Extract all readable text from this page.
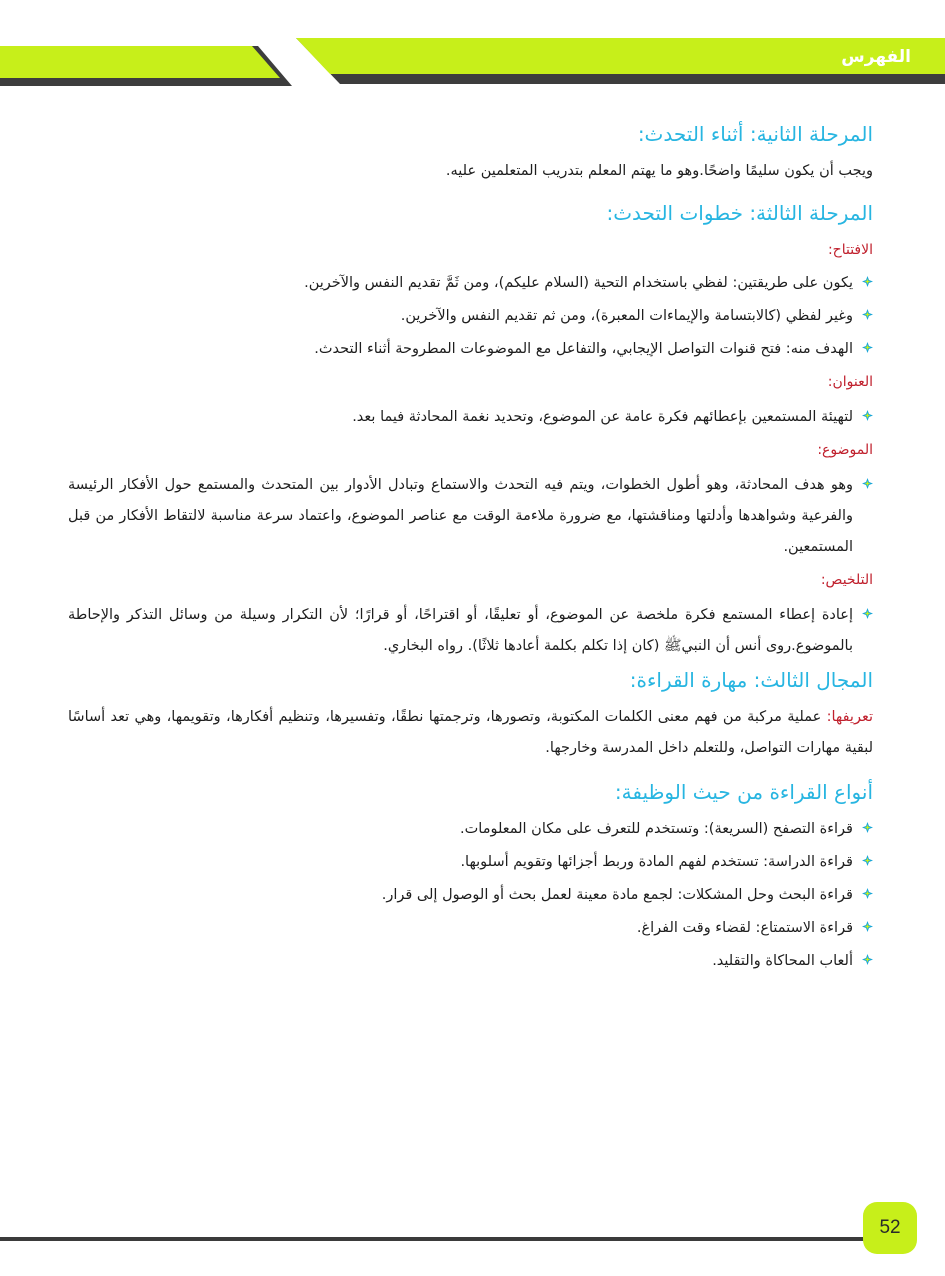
الفهرس
المرحلة الثانية: أثناء التحدث:

ويجب أن يكون سليمًا واضحًا.وهو ما يهتم المعلم بتدريب المتعلمين عليه.

المرحلة الثالثة: خطوات التحدث:

الافتتاح:

يكون على طريقتين: لفظي باستخدام التحية (السلام عليكم)، ومن ثَمَّ تقديم النفس والآخرين.
وغير لفظي (كالابتسامة والإيماءات المعبرة)، ومن ثم تقديم النفس والآخرين.
الهدف منه: فتح قنوات التواصل الإيجابي، والتفاعل مع الموضوعات المطروحة أثناء التحدث.

العنوان:

لتهيئة المستمعين بإعطائهم فكرة عامة عن الموضوع، وتحديد نغمة المحادثة فيما بعد.

الموضوع:

وهو هدف المحادثة، وهو أطول الخطوات، ويتم فيه التحدث والاستماع وتبادل الأدوار بين المتحدث والمستمع حول الأفكار الرئيسة والفرعية وشواهدها وأدلتها ومناقشتها، مع ضرورة ملاءمة الوقت مع عناصر الموضوع، واعتماد سرعة مناسبة لالتقاط الأفكار من قبل المستمعين.

التلخيص:

إعادة إعطاء المستمع فكرة ملخصة عن الموضوع، أو تعليقًا، أو اقتراحًا، أو قرارًا؛ لأن التكرار وسيلة من وسائل التذكر والإحاطة بالموضوع.روى أنس أن النبيﷺ (كان إذا تكلم بكلمة أعادها ثلاثًا). رواه البخاري.
المجال الثالث: مهارة القراءة:

تعريفها: عملية مركبة من فهم معنى الكلمات المكتوبة، وتصورها، وترجمتها نطقًا، وتفسيرها، وتنظيم أفكارها، وتقويمها، وهي تعد أساسًا لبقية مهارات التواصل، وللتعلم داخل المدرسة وخارجها.

أنواع القراءة من حيث الوظيفة:
قراءة التصفح (السريعة): وتستخدم للتعرف على مكان المعلومات.
قراءة الدراسة: تستخدم لفهم المادة وربط أجزائها وتقويم أسلوبها.
قراءة البحث وحل المشكلات: لجمع مادة معينة لعمل بحث أو الوصول إلى قرار.
قراءة الاستمتاع: لقضاء وقت الفراغ.
ألعاب المحاكاة والتقليد.
52
